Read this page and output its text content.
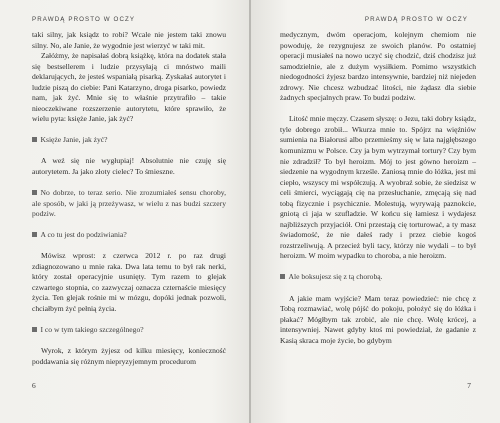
PRAWDĄ PROSTO W OCZY

taki silny, jak ksiądz to robi? Wcale nie jestem taki znowu silny. No, ale Janie, że wygodnie jest wierzyć w taki mit.

Załóżmy, że napisałaś dobrą książkę, która na dodatek stała się bestsellerem i ludzie przysyłają ci mnóstwo maili deklarujących, że jesteś wspaniałą pisarką. Zyskałaś autorytet i ludzie piszą do ciebie: Pani Katarzyno, droga pisarko, powiedz nam, jak żyć. Mnie się to właśnie przytrafiło – takie nieoczekiwane rozszerzenie autorytetu, które sprawiło, że wielu pyta: księże Janie, jak żyć?

Księże Janie, jak żyć?

A weź się nie wygłupiaj! Absolutnie nie czuję się autorytetem. Ja jako złoty cielec? To śmieszne.

No dobrze, to teraz serio. Nie zrozumiałeś sensu choroby, ale sposób, w jaki ją przeżywasz, w wielu z nas budzi szczery podziw.

A co tu jest do podziwiania?

Mówisz wprost: z czerwca 2012 r. po raz drugi zdiagnozowano u mnie raka. Dwa lata temu to był rak nerki, który został operacyjnie usunięty. Tym razem to glejak czwartego stopnia, co zazwyczaj oznacza czternaście miesięcy życia. Ten glejak rośnie mi w mózgu, dopóki jednak pozwoli, chciałbym żyć pełnią życia.

I co w tym takiego szczególnego?

Wyrok, z którym żyjesz od kilku miesięcy, konieczność poddawania się różnym niepryzyjemnym procedurom

6
PRAWDĄ PROSTO W OCZY

medycznym, dwóm operacjom, kolejnym chemiom nie powoduję, że rezygnujesz ze swoich planów. Po ostatniej operacji musiałeś na nowo uczyć się chodzić, dziś chodzisz już samodzielnie, ale z dużym wysiłkiem. Pomimo wszystkich niedogodności żyjesz bardzo intensywnie, bardziej niż niejeden zdrowy. Nie chcesz wzbudzać litości, nie żądasz dla siebie żadnych specjalnych praw. To budzi podziw.

Litość mnie męczy. Czasem słyszę: o Jezu, taki dobry ksiądz, tyle dobrego zrobił... Wkurza mnie to. Spójrz na więźniów sumienia na Białorusi albo przemieśmy się w lata najgłębszego komunizmu w Polsce. Czy ja bym wytrzymał tortury? Czy bym nie zdradził? To był heroizm. Mój to jest gówno heroizm – siedzenie na wygodnym krześle. Zaniosą mnie do łóżka, jest mi ciepło, wszyscy mi współczują. A wyobraź sobie, że siedzisz w celi śmierci, wyciągają cię na przesłuchanie, zmęcają się nad tobą fizycznie i psychicznie. Molestują, wyrywają paznokcie, gniotą ci jaja w szufladzie. W końcu się łamiesz i wydajesz najbliższych przyjaciół. Oni przestają cię torturować, a ty masz świadomość, że nie dałeś rady i przez ciebie kogoś rozstrzeliwują. A przecież byli tacy, którzy nie wydali – to był heroizm. W moim wypadku to choroba, a nie heroizm.

Ale boksujesz się z tą chorobą.

A jakie mam wyjście? Mam teraz powiedzieć: nie chcę z Tobą rozmawiać, wolę pójść do pokoju, położyć się do łóżka i płakać? Mógłbym tak zrobić, ale nie chcę. Wolę krócej, a intensywniej. Nawet gdyby ktoś mi powiedział, że gadanie z Kasią skraca moje życie, bo gdybym

7
